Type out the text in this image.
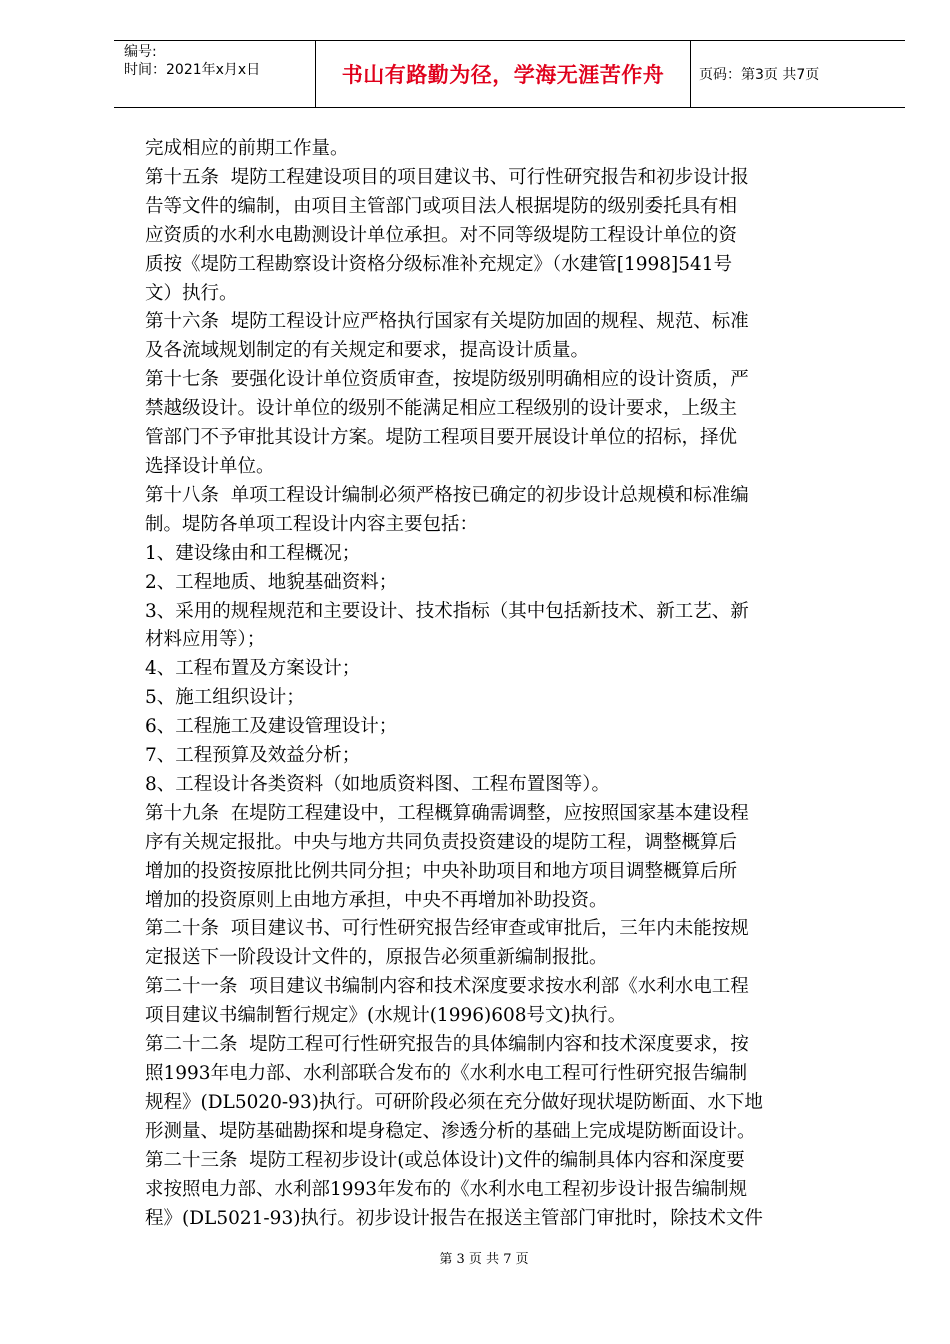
编号:
时间：2021年x月x日	书山有路勤为径，学海无涯苦作舟	页码：第3页 共7页

完成相应的前期工作量。

第十五条  堤防工程建设项目的项目建议书、可行性研究报告和初步设计报

告等文件的编制，由项目主管部门或项目法人根据堤防的级别委托具有相

应资质的水利水电勘测设计单位承担。对不同等级堤防工程设计单位的资

质按《堤防工程勘察设计资格分级标准补充规定》（水建管[1998]541号

文）执行。

第十六条  堤防工程设计应严格执行国家有关堤防加固的规程、规范、标准

及各流域规划制定的有关规定和要求，提高设计质量。

第十七条  要强化设计单位资质审查，按堤防级别明确相应的设计资质，严

禁越级设计。设计单位的级别不能满足相应工程级别的设计要求，上级主

管部门不予审批其设计方案。堤防工程项目要开展设计单位的招标，择优

选择设计单位。

第十八条  单项工程设计编制必须严格按已确定的初步设计总规模和标准编

制。堤防各单项工程设计内容主要包括：

1、建设缘由和工程概况；

2、工程地质、地貌基础资料；

3、采用的规程规范和主要设计、技术指标（其中包括新技术、新工艺、新

材料应用等）；

4、工程布置及方案设计；

5、施工组织设计；

6、工程施工及建设管理设计；

7、工程预算及效益分析；

8、工程设计各类资料（如地质资料图、工程布置图等）。

第十九条  在堤防工程建设中，工程概算确需调整，应按照国家基本建设程

序有关规定报批。中央与地方共同负责投资建设的堤防工程，调整概算后

增加的投资按原批比例共同分担；中央补助项目和地方项目调整概算后所

增加的投资原则上由地方承担，中央不再增加补助投资。

第二十条  项目建议书、可行性研究报告经审查或审批后，三年内未能按规

定报送下一阶段设计文件的，原报告必须重新编制报批。

第二十一条  项目建议书编制内容和技术深度要求按水利部《水利水电工程

项目建议书编制暂行规定》(水规计(1996)608号文)执行。

第二十二条  堤防工程可行性研究报告的具体编制内容和技术深度要求，按

照1993年电力部、水利部联合发布的《水利水电工程可行性研究报告编制

规程》(DL5020-93)执行。可研阶段必须在充分做好现状堤防断面、水下地

形测量、堤防基础勘探和堤身稳定、渗透分析的基础上完成堤防断面设计。

第二十三条  堤防工程初步设计(或总体设计)文件的编制具体内容和深度要

求按照电力部、水利部1993年发布的《水利水电工程初步设计报告编制规

程》(DL5021-93)执行。初步设计报告在报送主管部门审批时，除技术文件

第 3 页 共 7 页
